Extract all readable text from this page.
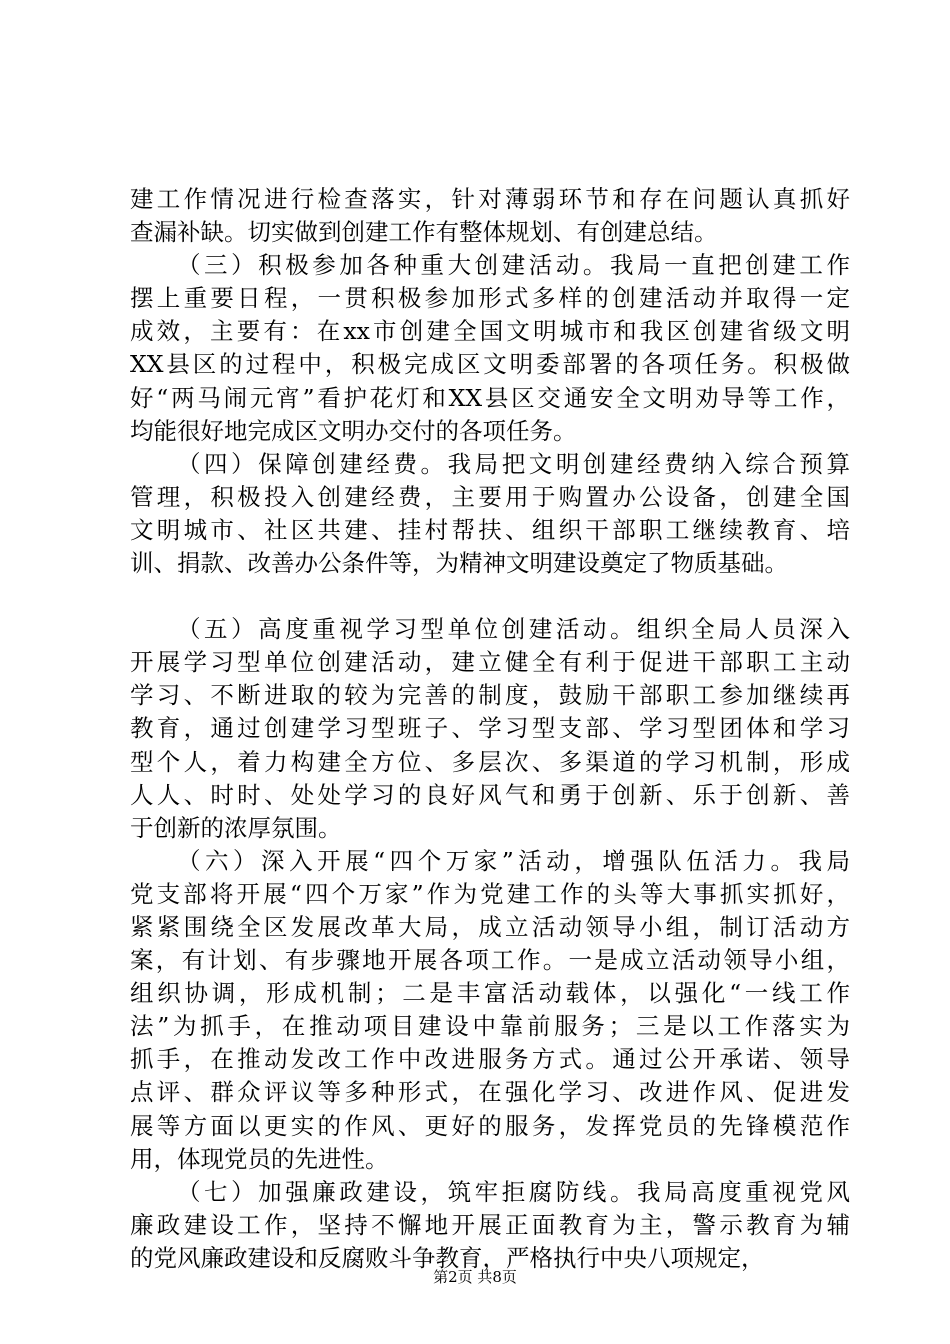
建工作情况进行检查落实，针对薄弱环节和存在问题认真抓好

查漏补缺。切实做到创建工作有整体规划、有创建总结。

（三）积极参加各种重大创建活动。我局一直把创建工作

摆上重要日程，一贯积极参加形式多样的创建活动并取得一定

成效，主要有：在xx市创建全国文明城市和我区创建省级文明

XX县区的过程中，积极完成区文明委部署的各项任务。积极做

好“两马闹元宵”看护花灯和XX县区交通安全文明劝导等工作，

均能很好地完成区文明办交付的各项任务。

（四）保障创建经费。我局把文明创建经费纳入综合预算

管理，积极投入创建经费，主要用于购置办公设备，创建全国

文明城市、社区共建、挂村帮扶、组织干部职工继续教育、培

训、捐款、改善办公条件等，为精神文明建设奠定了物质基础。

（五）高度重视学习型单位创建活动。组织全局人员深入

开展学习型单位创建活动，建立健全有利于促进干部职工主动

学习、不断进取的较为完善的制度，鼓励干部职工参加继续再

教育，通过创建学习型班子、学习型支部、学习型团体和学习

型个人，着力构建全方位、多层次、多渠道的学习机制，形成

人人、时时、处处学习的良好风气和勇于创新、乐于创新、善

于创新的浓厚氛围。

（六）深入开展“四个万家”活动，增强队伍活力。我局

党支部将开展“四个万家”作为党建工作的头等大事抓实抓好，

紧紧围绕全区发展改革大局，成立活动领导小组，制订活动方

案，有计划、有步骤地开展各项工作。一是成立活动领导小组，

组织协调，形成机制；二是丰富活动载体，以强化“一线工作

法”为抓手，在推动项目建设中靠前服务；三是以工作落实为

抓手，在推动发改工作中改进服务方式。通过公开承诺、领导

点评、群众评议等多种形式，在强化学习、改进作风、促进发

展等方面以更实的作风、更好的服务，发挥党员的先锋模范作

用，体现党员的先进性。

（七）加强廉政建设，筑牢拒腐防线。我局高度重视党风

廉政建设工作，坚持不懈地开展正面教育为主，警示教育为辅

的党风廉政建设和反腐败斗争教育，严格执行中央八项规定，

第2页 共8页
